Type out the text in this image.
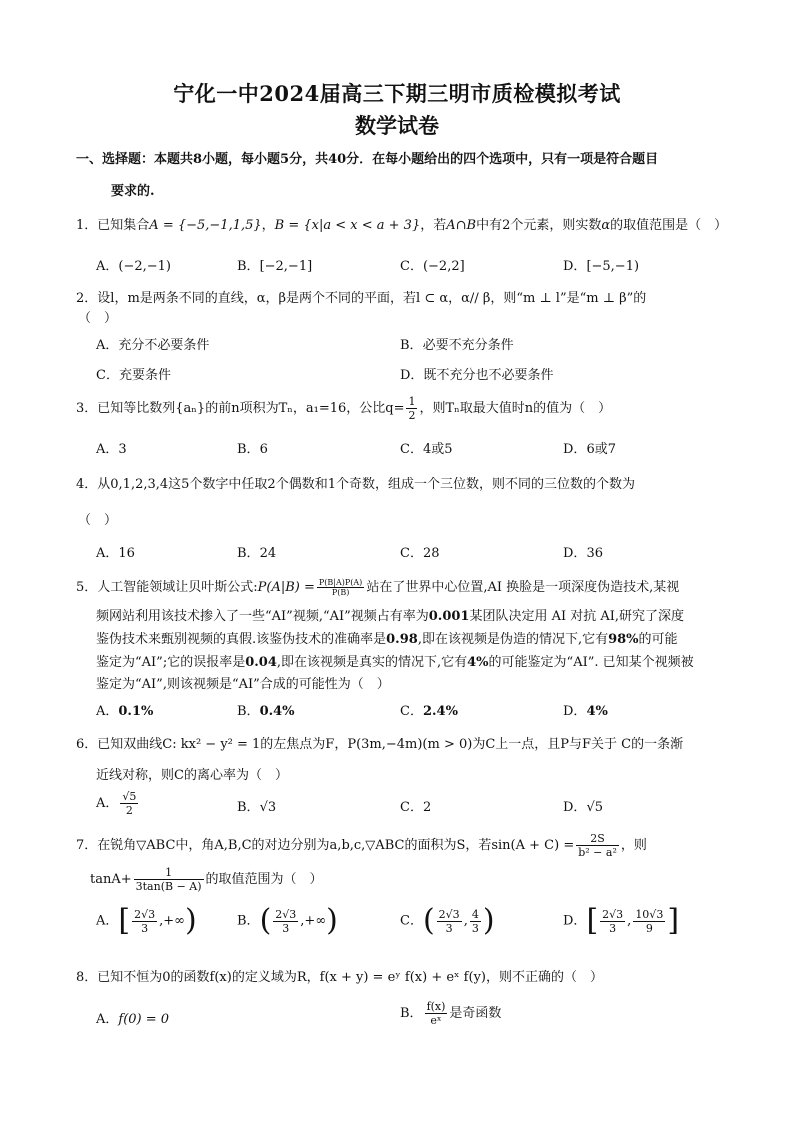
宁化一中2024届高三下期三明市质检模拟考试
数学试卷
一、选择题：本题共8小题，每小题5分，共40分．在每小题给出的四个选项中，只有一项是符合题目
要求的.
1．已知集合A = {−5,−1,1,5}，B = {x|a < x < a + 3}，若A∩B中有2个元素，则实数α的取值范围是（　）
A．(−2,−1)	B．[−2,−1]	C．(−2,2]	D．[−5,−1)
2．设l，m是两条不同的直线，α，β是两个不同的平面，若l ⊂ α，α// β，则“m ⊥ l”是“m ⊥ β”的
（　）
A．充分不必要条件	B．必要不充分条件
C．充要条件	D．既不充分也不必要条件
3．已知等比数列{aₙ}的前n项积为Tₙ，a₁=16，公比$q= \frac{1}{2}$ ，则Tₙ取最大值时n的值为（　）
A．3	B．6	C．4或5	D．6或7
4．从0,1,2,3,4这5个数字中任取2个偶数和1个奇数，组成一个三位数，则不同的三位数的个数为
（　）
A．16	B．24	C．28	D．36
5．人工智能领域让贝叶斯公式:P(A|B) = $\frac{P(B|A)P(A)}{P(B)}$ 站在了世界中心位置,AI 换脸是一项深度伪造技术,某视
频网站利用该技术掺入了一些“AI”视频,“AI”视频占有率为0.001某团队决定用 AI 对抗 AI,研究了深度
鉴伪技术来甄别视频的真假.该鉴伪技术的准确率是0.98,即在该视频是伪造的情况下,它有98%的可能
鉴定为“AI”;它的误报率是0.04,即在该视频是真实的情况下,它有4%的可能鉴定为“AI”. 已知某个视频被
鉴定为“AI”,则该视频是“AI”合成的可能性为（　）
A．0.1%	B．0.4%	C．2.4%	D．4%
6．已知双曲线C: kx² − y² = 1的左焦点为F，P(3m,−4m)(m > 0)为C上一点，且P与F关于 C的一条渐
近线对称，则C的离心率为（　）
A． $\frac{√5}{2}$	B．√3	C．2	D．√5
7．在锐角▽ABC中，角A,B,C的对边分别为a,b,c,▽ABC的面积为S，若$\sin(A + C) = \frac{2S}{\text{b² − a²}}$ ，则
$\tan A+ \frac{1}{3\tan(B - A)}$ 的取值范围为（　）
A．[ $\frac{2√3}{3}$ ,+∞)	B．( $\frac{2√3}{3}$ ,+∞)	C．( $\frac{2√3}{3}$ , $\frac{4}{3}$ )	D．[ $\frac{2√3}{3}$ , $\frac{10√3}{9}$ ]
8．已知不恒为0的函数f(x)的定义域为R，f(x + y) = eʸ f(x) + eˣ f(y)，则不正确的（　）
A．f(0) = 0	B． $\frac{f(x)}{\text{eˣ}}$ 是奇函数
